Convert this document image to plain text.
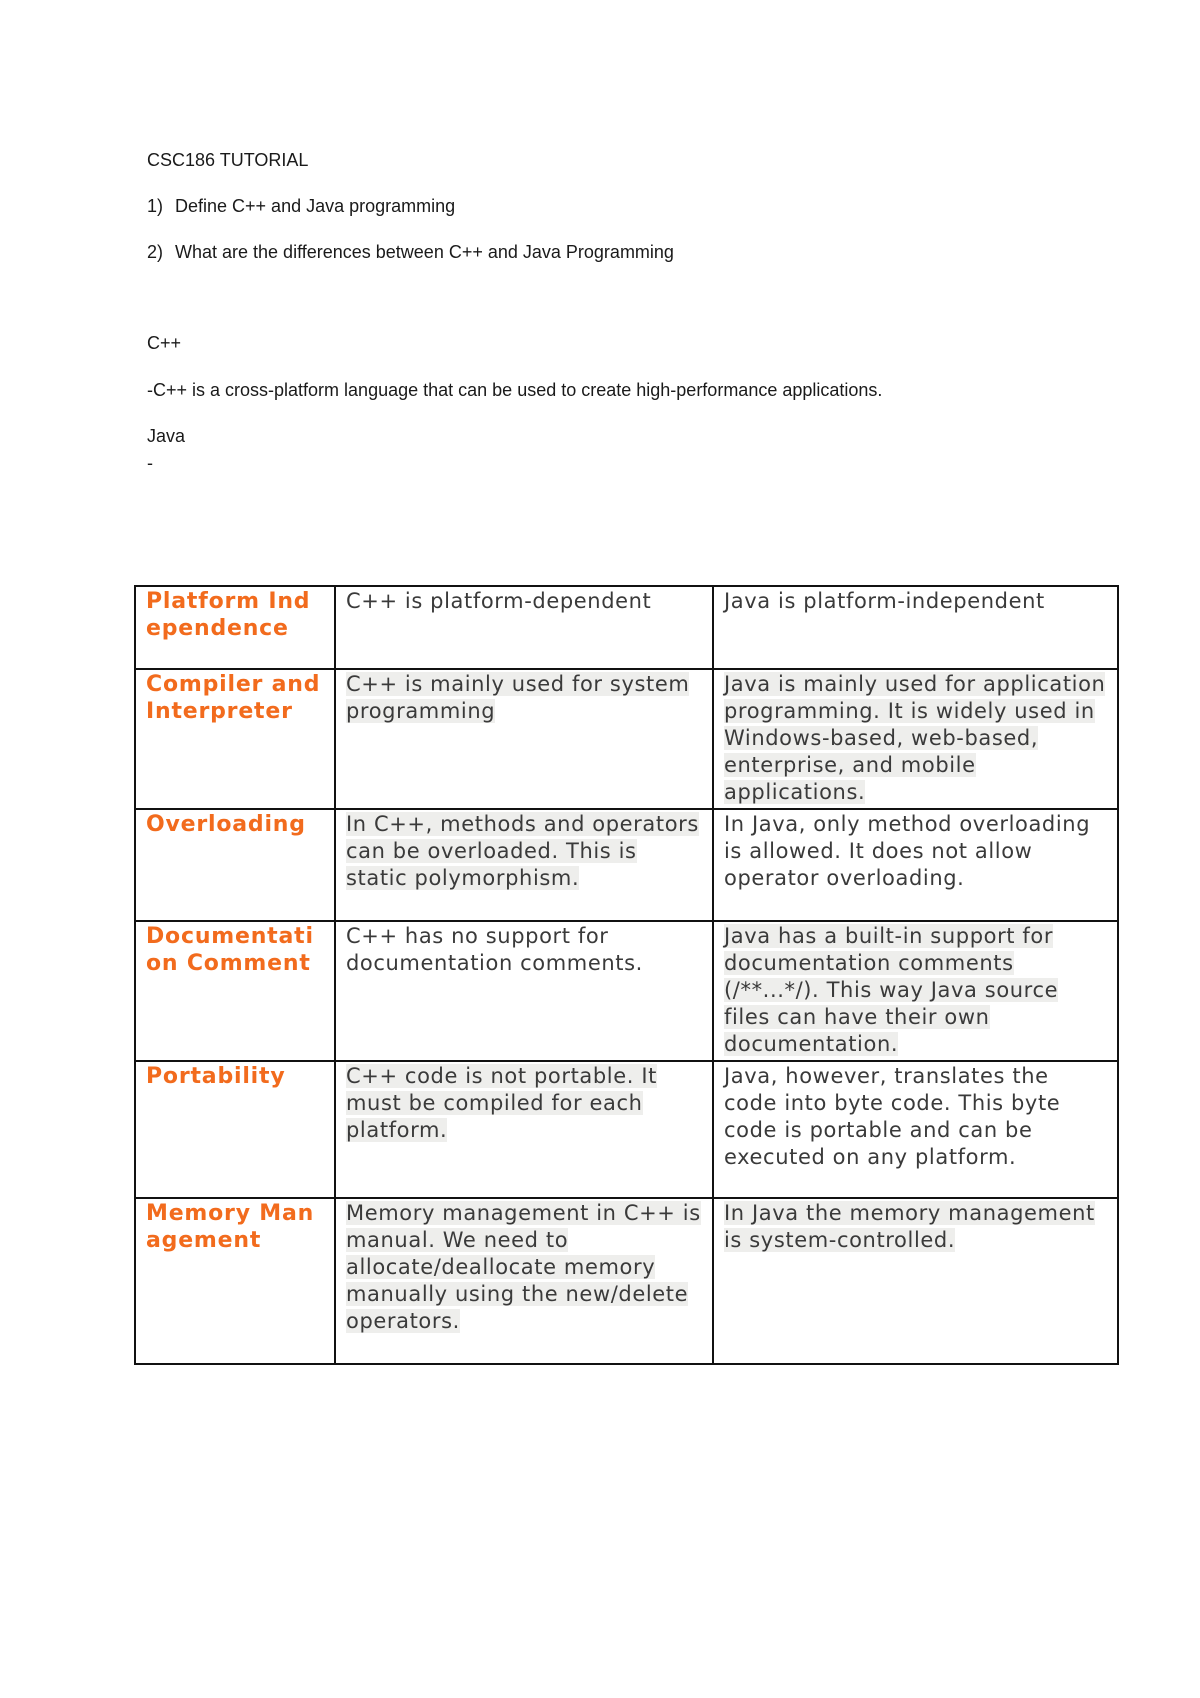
CSC186 TUTORIAL
1) Define C++ and Java programming
2) What are the differences between C++ and Java Programming
C++
-C++ is a cross-platform language that can be used to create high-performance applications.
Java
-
Platform Independence	C++ is platform-dependent	Java is platform-independent
Compiler and Interpreter	C++ is mainly used for system programming	Java is mainly used for application programming. It is widely used in Windows-based, web-based, enterprise, and mobile applications.
Overloading	In C++, methods and operators can be overloaded. This is static polymorphism.	In Java, only method overloading is allowed. It does not allow operator overloading.
Documentation Comment	C++ has no support for documentation comments.	Java has a built-in support for documentation comments (/**...*/). This way Java source files can have their own documentation.
Portability	C++ code is not portable. It must be compiled for each platform.	Java, however, translates the code into byte code. This byte code is portable and can be executed on any platform.
Memory Management	Memory management in C++ is manual. We need to allocate/deallocate memory manually using the new/delete operators.	In Java the memory management is system-controlled.
